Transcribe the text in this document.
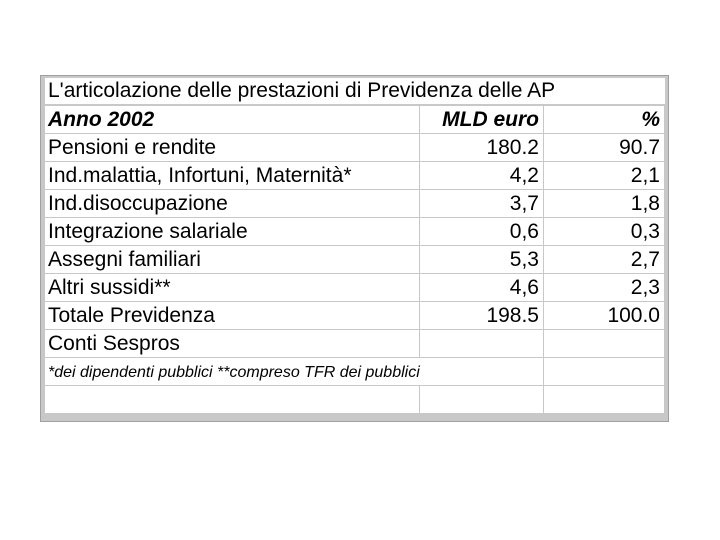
L'articolazione delle prestazioni di Previdenza delle AP
Anno 2002	MLD euro	%
Pensioni e rendite	180.2	90.7
Ind.malattia, Infortuni, Maternità*	4,2	2,1
Ind.disoccupazione	3,7	1,8
Integrazione salariale	0,6	0,3
Assegni familiari	5,3	2,7
Altri sussidi**	4,6	2,3
Totale Previdenza	198.5	100.0
Conti Sespros
*dei dipendenti pubblici **compreso TFR dei pubblici
